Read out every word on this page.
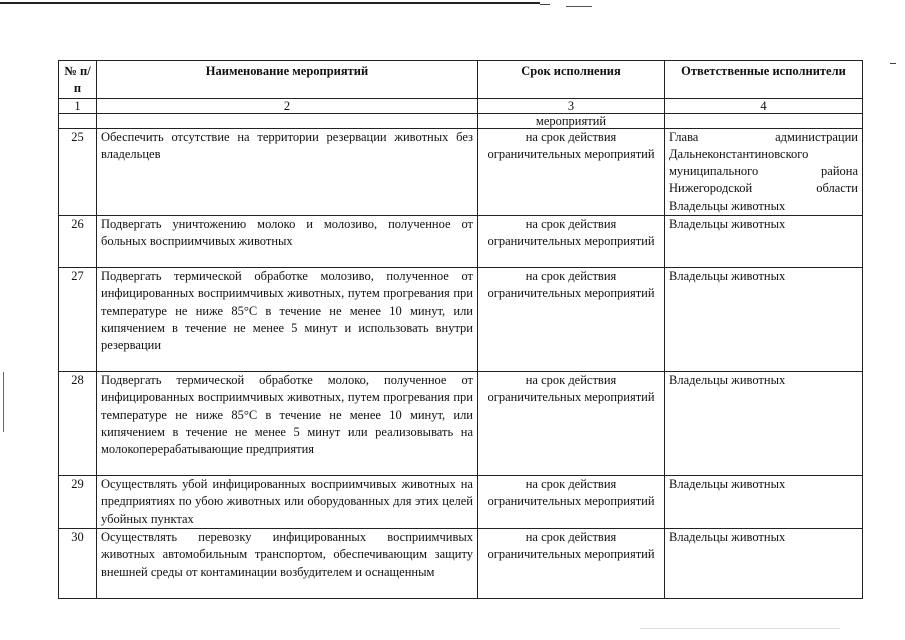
№ п/п	Наименование мероприятий	Срок исполнения	Ответственные исполнители
1	2	3	4
		мероприятий	
25	Обеспечить отсутствие на территории резервации животных без владельцев	на срок действия ограничительных мероприятий	Глава администрации Дальнеконстантиновского муниципального района Нижегородской области Владельцы животных
26	Подвергать уничтожению молоко и молозиво, полученное от больных восприимчивых животных	на срок действия ограничительных мероприятий	Владельцы животных
27	Подвергать термической обработке молозиво, полученное от инфицированных восприимчивых животных, путем прогревания при температуре не ниже 85°С в течение не менее 10 минут, или кипячением в течение не менее 5 минут и использовать внутри резервации	на срок действия ограничительных мероприятий	Владельцы животных
28	Подвергать термической обработке молоко, полученное от инфицированных восприимчивых животных, путем прогревания при температуре не ниже 85°С в течение не менее 10 минут, или кипячением в течение не менее 5 минут или реализовывать на молокоперерабатывающие предприятия	на срок действия ограничительных мероприятий	Владельцы животных
29	Осуществлять убой инфицированных восприимчивых животных на предприятиях по убою животных или оборудованных для этих целей убойных пунктах	на срок действия ограничительных мероприятий	Владельцы животных
30	Осуществлять перевозку инфицированных восприимчивых животных автомобильным транспортом, обеспечивающим защиту внешней среды от контаминации возбудителем и оснащенным	на срок действия ограничительных мероприятий	Владельцы животных
